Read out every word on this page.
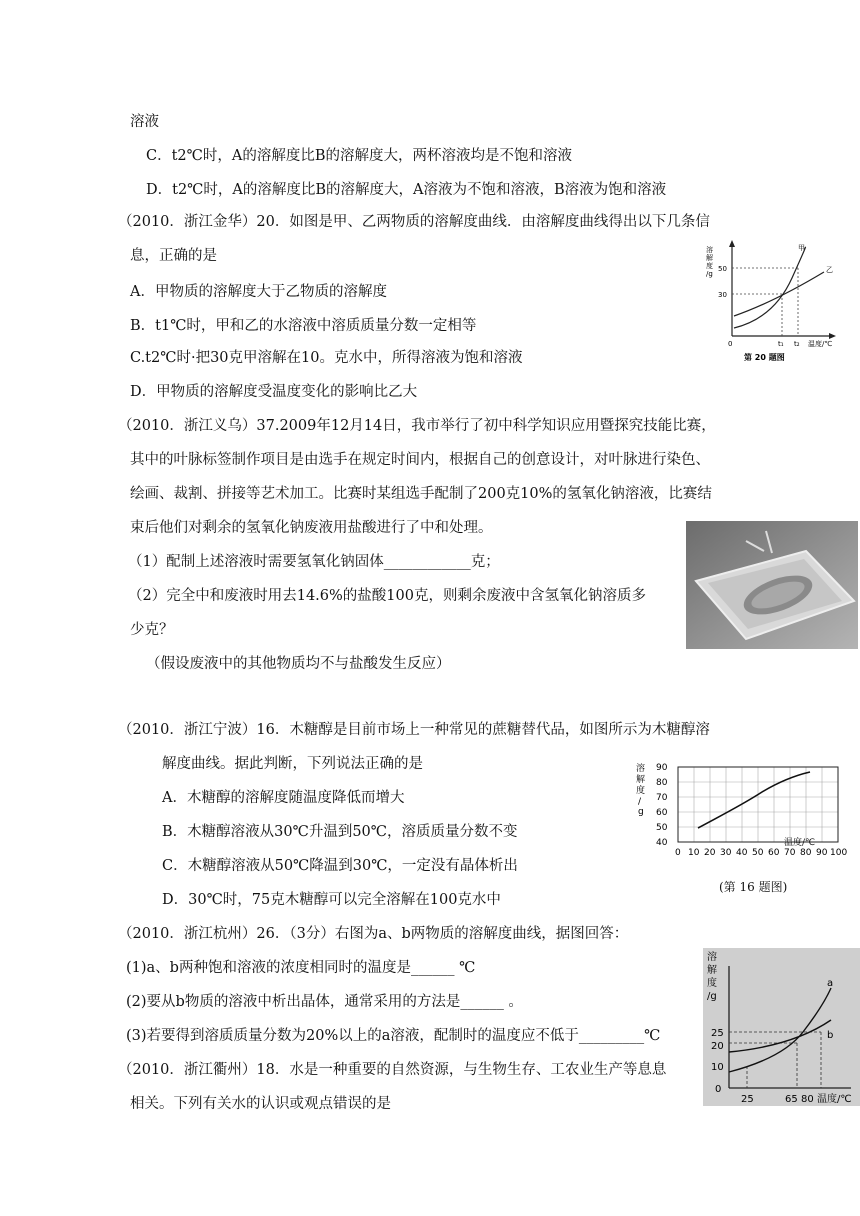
溶液
C．t2℃时，A的溶解度比B的溶解度大，两杯溶液均是不饱和溶液
D．t2℃时，A的溶解度比B的溶解度大，A溶液为不饱和溶液，B溶液为饱和溶液
（2010．浙江金华）20．如图是甲、乙两物质的溶解度曲线．由溶解度曲线得出以下几条信
息，正确的是
A．甲物质的溶解度大于乙物质的溶解度
B．t1℃时，甲和乙的水溶液中溶质质量分数一定相等
C.t2℃时·把30克甲溶解在10。克水中，所得溶液为饱和溶液
D．甲物质的溶解度受温度变化的影响比乙大
（2010．浙江义乌）37.2009年12月14日，我市举行了初中科学知识应用暨探究技能比赛，
其中的叶脉标签制作项目是由选手在规定时间内，根据自己的创意设计，对叶脉进行染色、
绘画、裁割、拼接等艺术加工。比赛时某组选手配制了200克10%的氢氧化钠溶液，比赛结
束后他们对剩余的氢氧化钠废液用盐酸进行了中和处理。
（1）配制上述溶液时需要氢氧化钠固体____________克；
（2）完全中和废液时用去14.6%的盐酸100克，则剩余废液中含氢氧化钠溶质多
少克？
（假设废液中的其他物质均不与盐酸发生反应）
（2010．浙江宁波）16．木糖醇是目前市场上一种常见的蔗糖替代品，如图所示为木糖醇溶
解度曲线。据此判断，下列说法正确的是
A．木糖醇的溶解度随温度降低而增大
B．木糖醇溶液从30℃升温到50℃，溶质质量分数不变
C．木糖醇溶液从50℃降温到30℃，一定没有晶体析出
D．30℃时，75克木糖醇可以完全溶解在100克水中
（2010．浙江杭州）26．（3分）右图为a、b两物质的溶解度曲线，据图回答：
(1)a、b两种饱和溶液的浓度相同时的温度是______ ℃
(2)要从b物质的溶液中析出晶体，通常采用的方法是______ 。
(3)若要得到溶质质量分数为20%以上的a溶液，配制时的温度应不低于_________℃
（2010．浙江衢州）18．水是一种重要的自然资源，与生物生存、工农业生产等息息
相关。下列有关水的认识或观点错误的是
溶
解
度
/g
50
30
0	t₁ t₂ 温度/℃
甲
乙
第 20 题图
溶
解
度
/
g
90
80
70
60
50
40
0 10 20 30 40 50 60 70 80 90 100
温度/℃
(第 16 题图)
溶
解
度
/g
25
20
10
0
25	65 80 温度/℃
a
b
